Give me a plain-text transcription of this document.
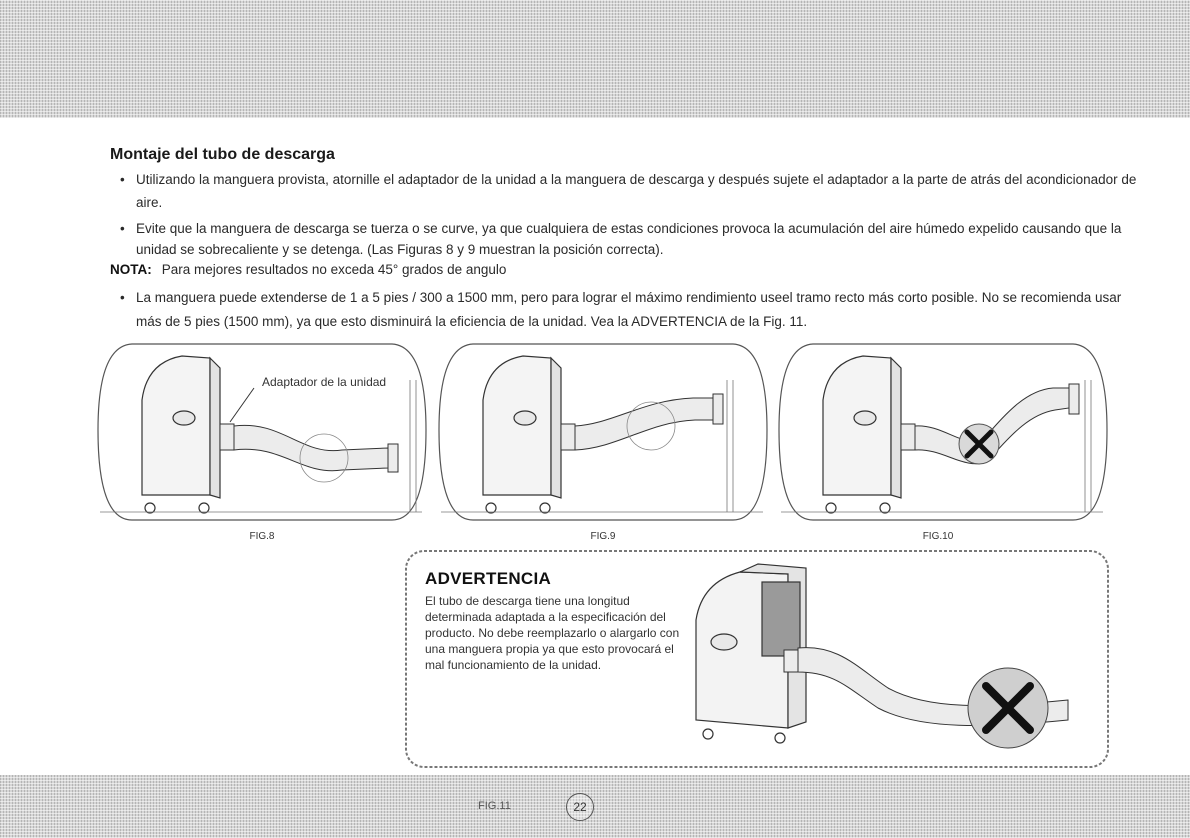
Montaje del tubo de descarga
• Utilizando la manguera provista, atornille el adaptador de la unidad a la manguera de descarga y después sujete el adaptador a la parte de atrás del acondicionador de aire.
• Evite que la manguera de descarga se tuerza o se curve, ya que cualquiera de estas condiciones provoca la acumulación del aire húmedo expelido causando que la unidad se sobrecaliente y se detenga. (Las Figuras 8 y 9 muestran la posición correcta).
NOTA: Para mejores resultados no exceda 45° grados de angulo
• La manguera puede extenderse de 1 a 5 pies / 300 a 1500 mm, pero para lograr el máximo rendimiento useel tramo recto más corto posible. No se recomienda usar más de 5 pies (1500 mm), ya que esto disminuirá la eficiencia de la unidad. Vea la ADVERTENCIA de la Fig. 11.
Adaptador de la unidad
FIG.8	FIG.9	FIG.10
ADVERTENCIA
El tubo de descarga tiene una longitud determinada adaptada a la especificación del producto. No debe reemplazarlo o alargarlo con una manguera propia ya que esto provocará el mal funcionamiento de la unidad.
FIG.11	22
